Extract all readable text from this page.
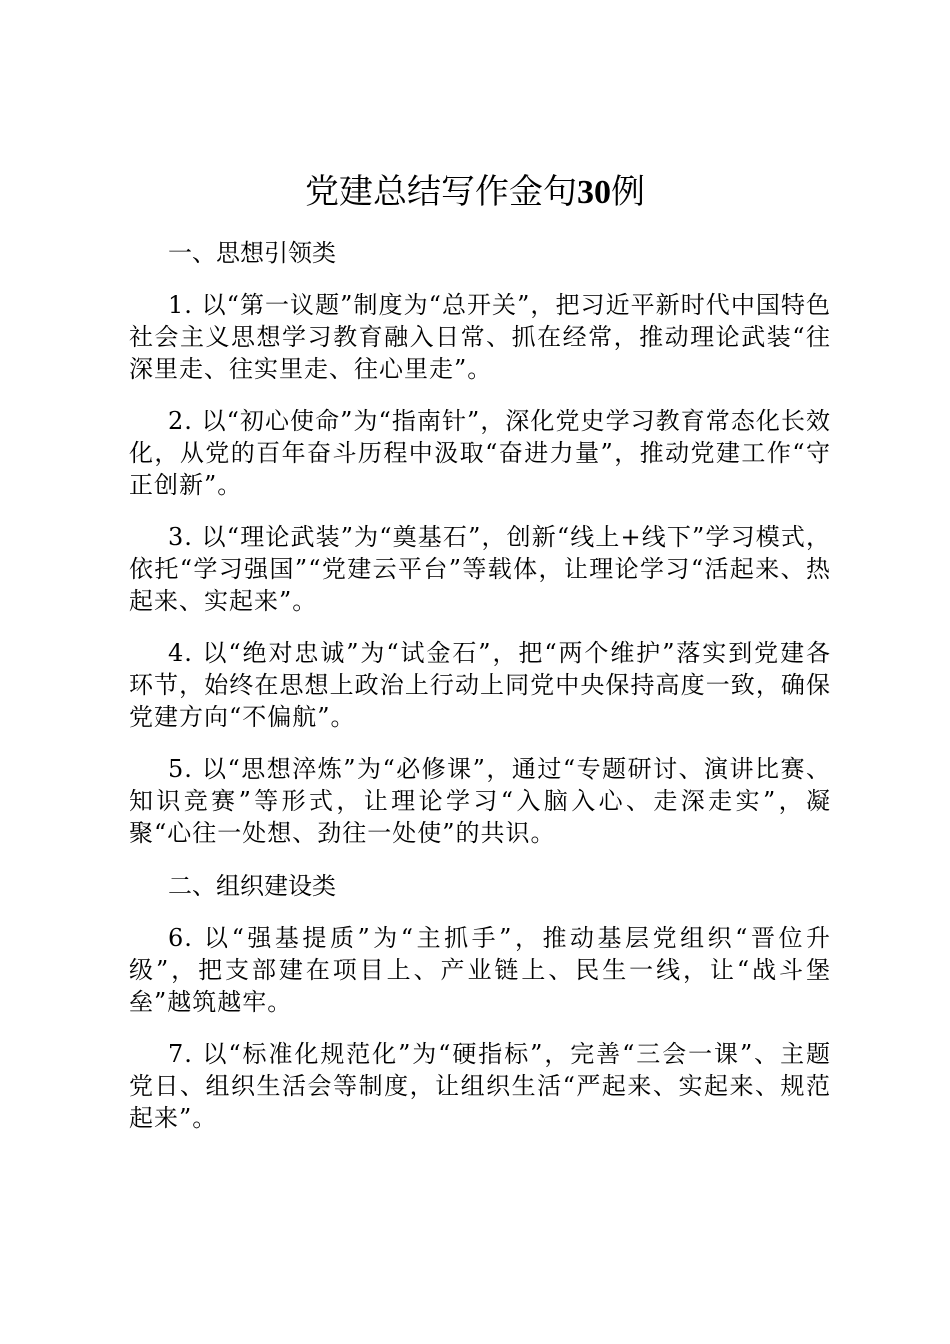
党建总结写作金句30例

一、思想引领类

1. 以“第一议题”制度为“总开关”，把习近平新时代中国特色社会主义思想学习教育融入日常、抓在经常，推动理论武装“往深里走、往实里走、往心里走”。

2. 以“初心使命”为“指南针”，深化党史学习教育常态化长效化，从党的百年奋斗历程中汲取“奋进力量”，推动党建工作“守正创新”。

3. 以“理论武装”为“奠基石”，创新“线上+线下”学习模式，依托“学习强国”“党建云平台”等载体，让理论学习“活起来、热起来、实起来”。

4. 以“绝对忠诚”为“试金石”，把“两个维护”落实到党建各环节，始终在思想上政治上行动上同党中央保持高度一致，确保党建方向“不偏航”。

5. 以“思想淬炼”为“必修课”，通过“专题研讨、演讲比赛、知识竞赛”等形式，让理论学习“入脑入心、走深走实”，凝聚“心往一处想、劲往一处使”的共识。

二、组织建设类

6. 以“强基提质”为“主抓手”，推动基层党组织“晋位升级”，把支部建在项目上、产业链上、民生一线，让“战斗堡垒”越筑越牢。

7. 以“标准化规范化”为“硬指标”，完善“三会一课”、主题党日、组织生活会等制度，让组织生活“严起来、实起来、规范起来”。
